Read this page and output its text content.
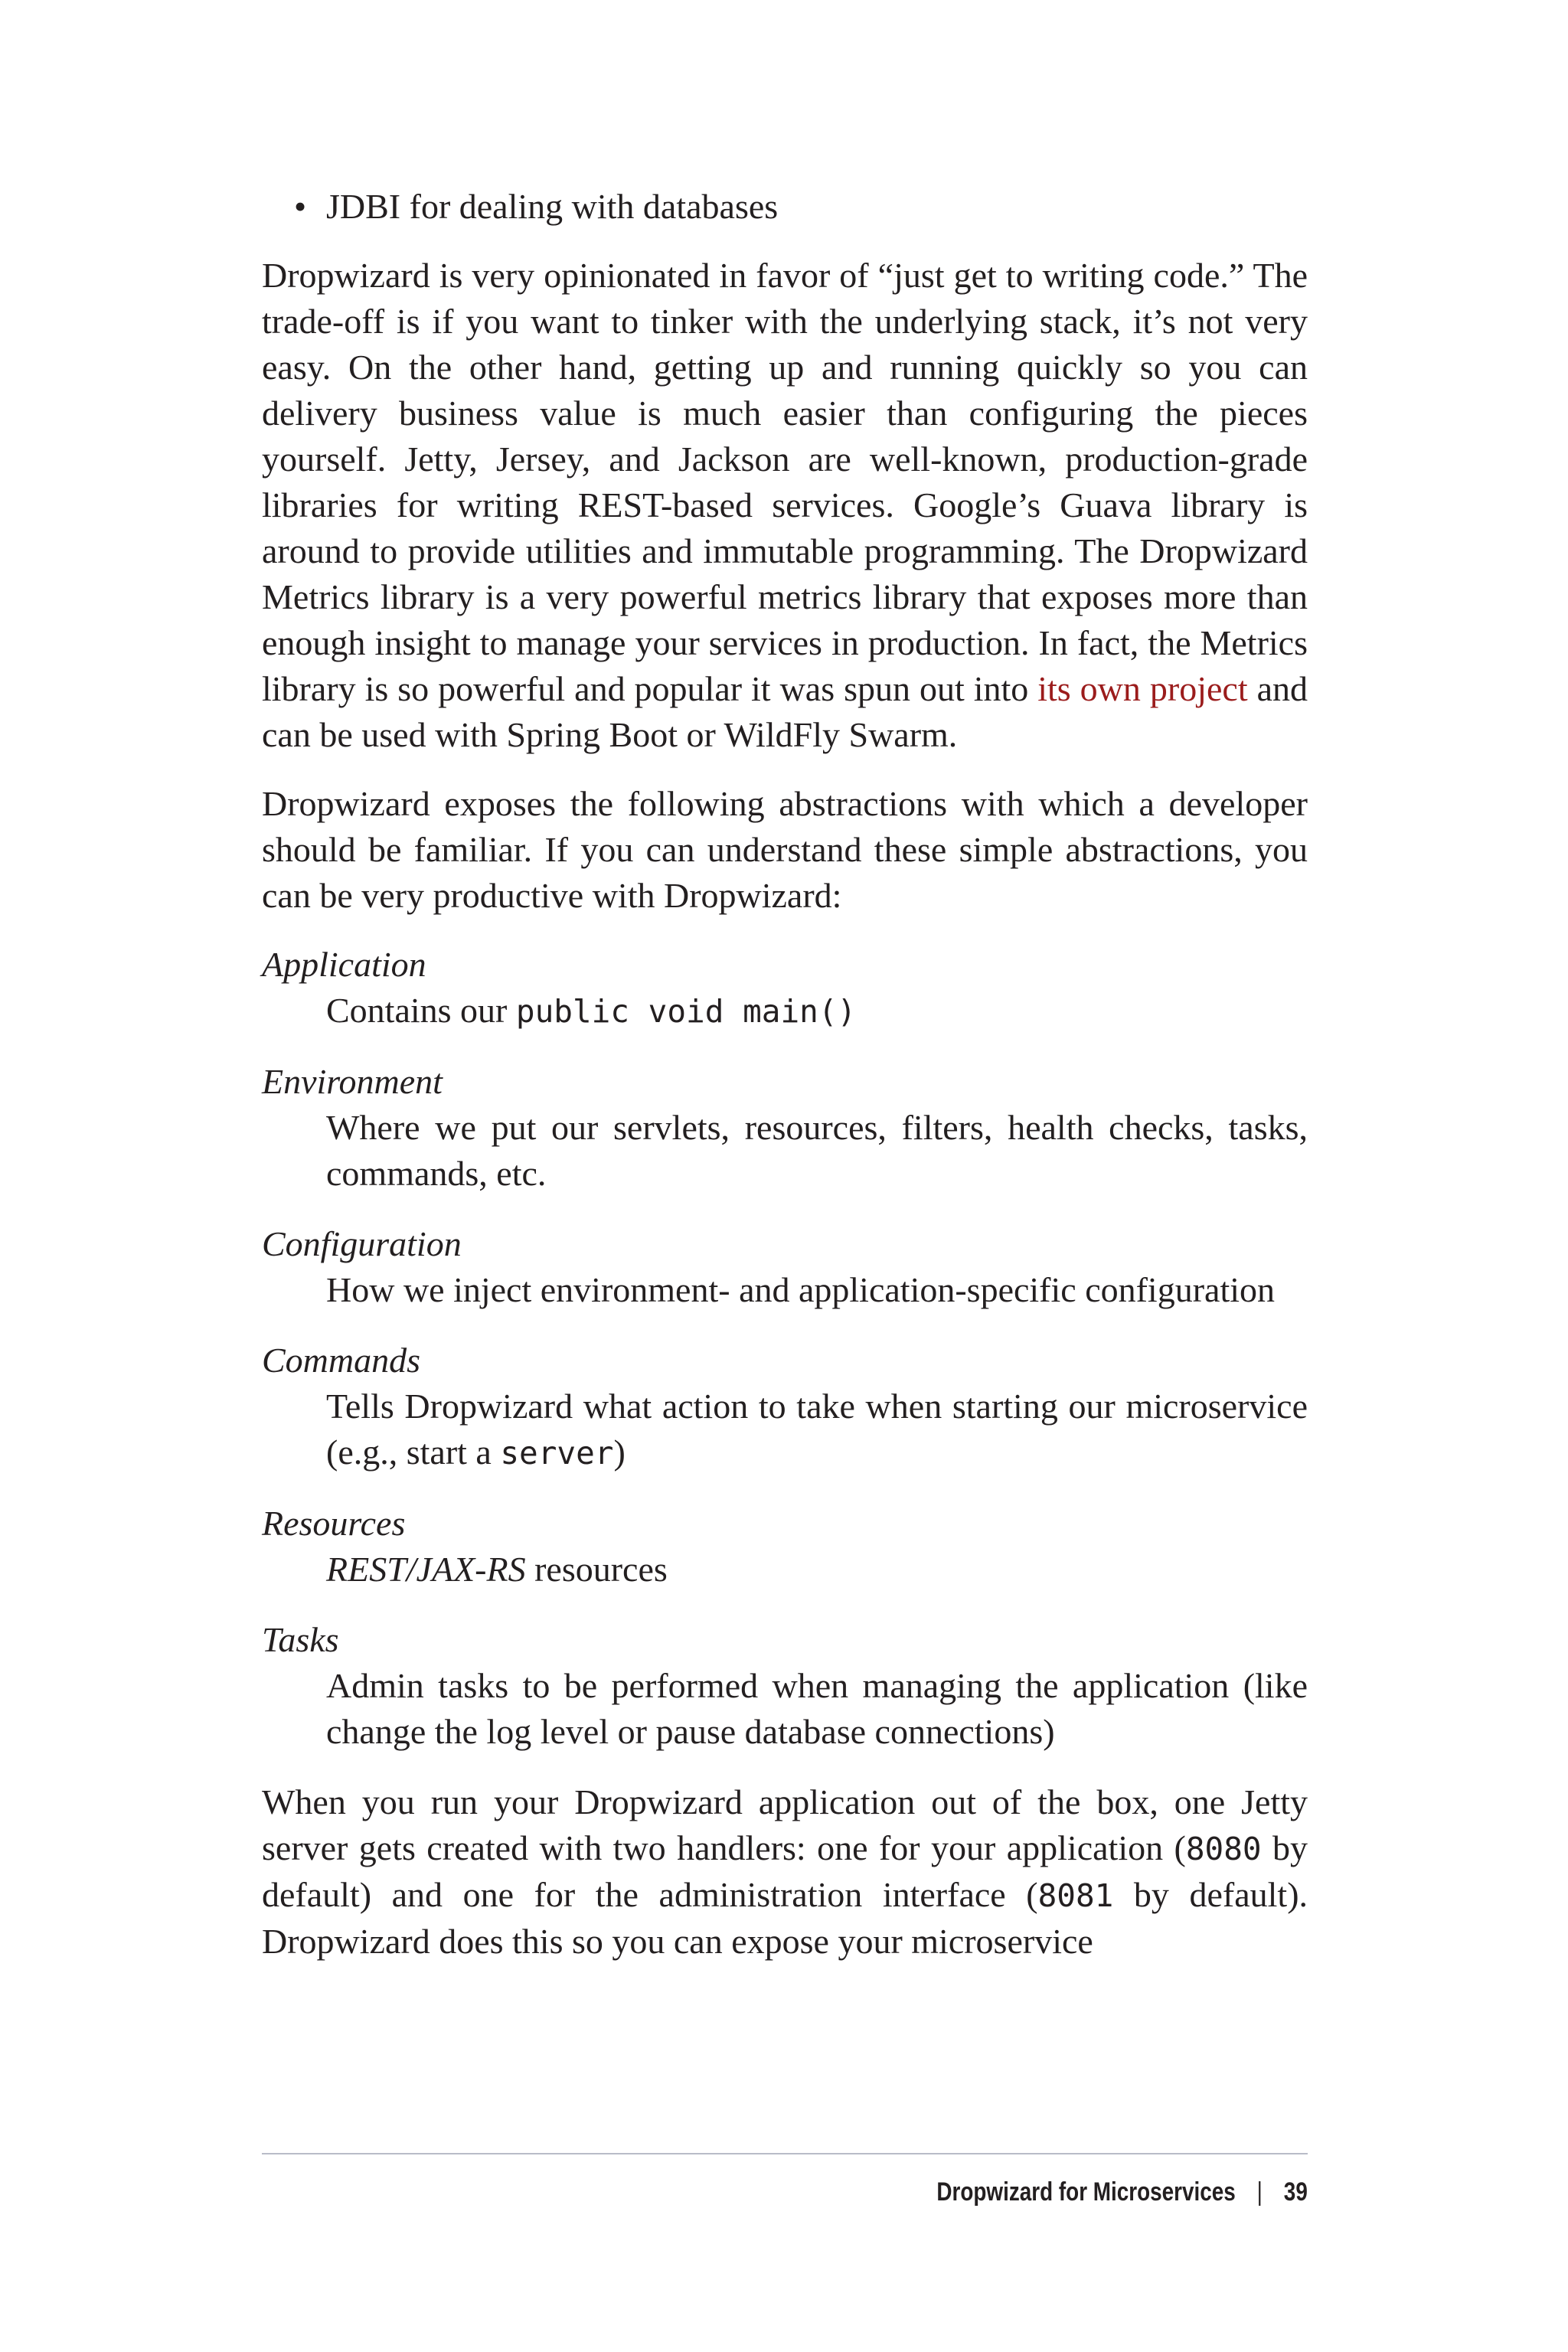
• JDBI for dealing with databases

Dropwizard is very opinionated in favor of “just get to writing code.” The trade-off is if you want to tinker with the underlying stack, it’s not very easy. On the other hand, getting up and running quickly so you can delivery business value is much easier than configuring the pieces yourself. Jetty, Jersey, and Jackson are well-known, production-grade libraries for writing REST-based services. Google’s Guava library is around to provide utilities and immutable programming. The Dropwizard Metrics library is a very powerful metrics library that exposes more than enough insight to manage your services in production. In fact, the Metrics library is so powerful and popular it was spun out into its own project and can be used with Spring Boot or WildFly Swarm.

Dropwizard exposes the following abstractions with which a developer should be familiar. If you can understand these simple abstractions, you can be very productive with Dropwizard:

Application

Contains our public void main()

Environment

Where we put our servlets, resources, filters, health checks, tasks, commands, etc.

Configuration

How we inject environment- and application-specific configuration

Commands

Tells Dropwizard what action to take when starting our microservice (e.g., start a server)

Resources

REST/JAX-RS resources

Tasks

Admin tasks to be performed when managing the application (like change the log level or pause database connections)

When you run your Dropwizard application out of the box, one Jetty server gets created with two handlers: one for your application (8080 by default) and one for the administration interface (8081 by default). Dropwizard does this so you can expose your microservice

Dropwizard for Microservices | 39
